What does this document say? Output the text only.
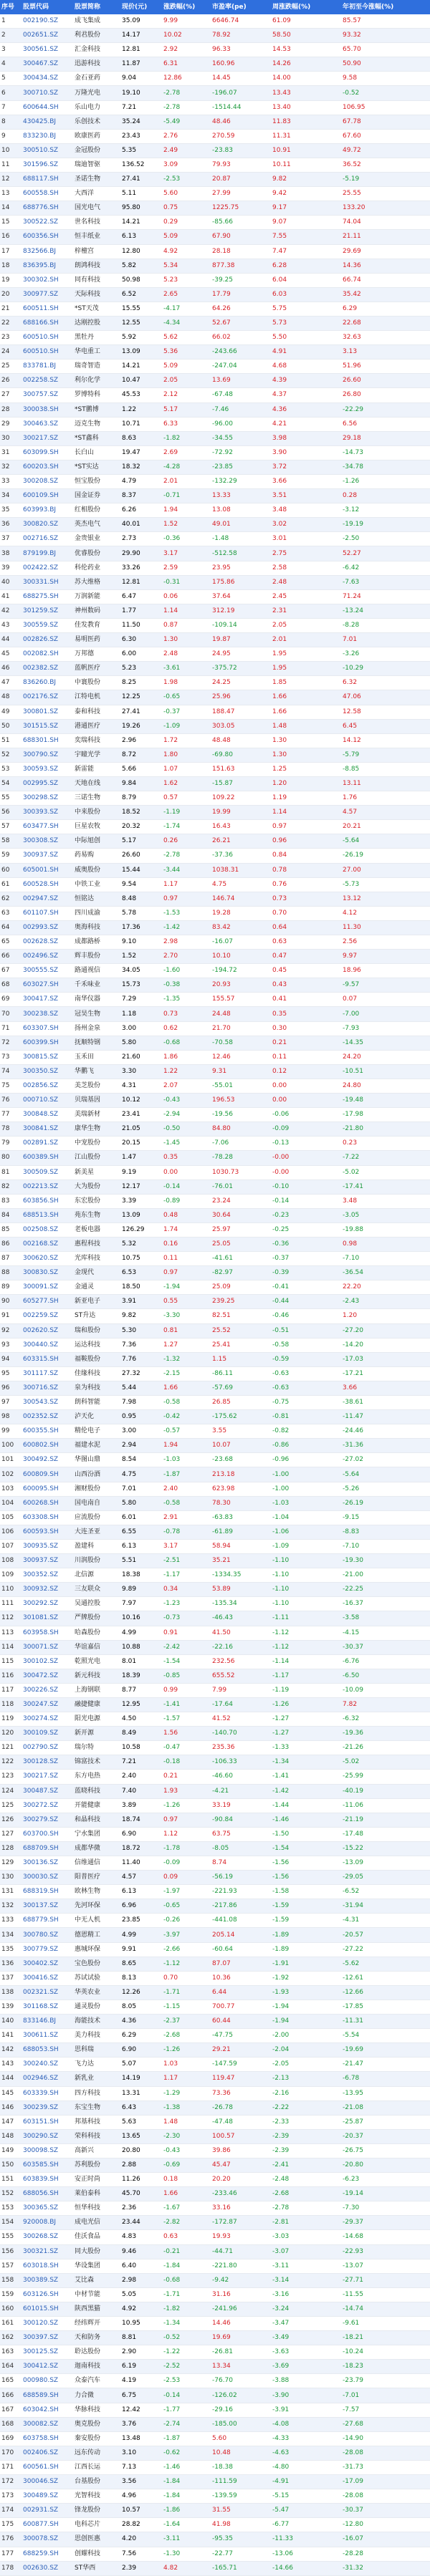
序号	股票代码	股票简称	现价(元)	涨跌幅(%)	市盈率(pe)	周涨跌幅(%)	年初至今涨幅(%)
1	002190.SZ	成飞集成	35.09	9.99	6646.74	61.09	85.57
2	002651.SZ	利君股份	14.17	10.02	78.92	58.50	93.32
3	300561.SZ	汇金科技	12.81	2.92	96.33	14.53	65.70
4	300467.SZ	迅游科技	11.87	6.31	160.96	14.26	50.90
5	300434.SZ	金石亚药	9.04	12.86	14.45	14.00	9.58
6	300710.SZ	万隆光电	19.10	-2.78	-196.07	13.43	-0.52
7	600644.SH	乐山电力	7.21	-2.78	-1514.44	13.40	106.95
8	430425.BJ	乐创技术	35.24	-5.49	48.46	11.83	67.78
9	833230.BJ	欧康医药	23.43	2.76	270.59	11.31	67.60
10	300510.SZ	金冠股份	5.35	2.49	-23.83	10.91	49.72
11	301596.SZ	瑞迪智驱	136.52	3.09	79.93	10.11	36.52
12	688117.SH	圣诺生物	27.41	-2.53	20.87	9.82	-5.19
13	600558.SH	大西洋	5.11	5.60	27.99	9.42	25.55
14	688776.SH	国光电气	95.80	0.75	1225.75	9.17	133.20
15	300522.SZ	世名科技	14.21	0.29	-85.66	9.07	74.04
16	600356.SH	恒丰纸业	6.13	5.09	67.90	7.55	21.11
17	832566.BJ	梓橦宫	12.80	4.92	28.18	7.47	29.69
18	836395.BJ	朗鸿科技	5.82	5.34	877.38	6.28	14.36
19	300302.SH	同有科技	50.98	5.23	-39.25	6.04	66.74
20	300977.SZ	天际科技	6.52	2.65	17.79	6.03	35.42
21	600511.SH	*ST天茂	15.55	-4.17	64.26	5.75	6.29
22	688166.SH	达刚控股	12.55	-4.34	52.67	5.73	22.68
23	600510.SH	黑牡丹	5.92	5.62	66.02	5.50	32.63
24	600510.SH	华电重工	13.09	5.36	-243.66	4.91	3.13
25	833781.BJ	瑞奇智造	14.21	5.09	-247.04	4.68	51.96
26	002258.SZ	利尔化学	10.47	2.05	13.69	4.39	26.60
27	300757.SZ	罗博特科	45.53	2.12	-67.48	4.37	26.80
28	300038.SH	*ST鹏博	1.22	5.17	-7.46	4.36	-22.29
29	300463.SZ	迈克生物	10.71	6.33	-96.00	4.21	6.56
30	300217.SZ	*ST鑫科	8.63	-1.82	-34.55	3.98	29.18
31	603099.SH	长白山	19.47	2.69	-72.92	3.90	-14.73
32	600203.SH	*ST实达	18.32	-4.28	-23.85	3.72	-34.78
33	300208.SZ	恒宝股份	4.79	2.01	-132.29	3.66	-1.26
34	600109.SH	国金证券	8.37	-0.71	13.33	3.51	0.28
35	603993.BJ	红相股份	6.26	1.94	13.08	3.48	-3.12
36	300820.SZ	英杰电气	40.01	1.52	49.01	3.02	-19.19
37	002716.SZ	金贵银业	2.73	-0.36	-1.48	3.01	-2.50
38	879199.BJ	优睿股份	29.90	3.17	-512.58	2.75	52.27
39	002422.SZ	科伦药业	33.26	2.59	23.95	2.58	-6.42
40	300331.SH	苏大维格	12.81	-0.31	175.86	2.48	-7.63
41	688275.SH	万润新能	6.47	0.06	37.64	2.45	71.24
42	301259.SZ	神州数码	1.77	1.14	312.19	2.31	-13.24
43	300559.SZ	佳发教育	11.50	0.87	-109.14	2.05	-8.28
44	002826.SZ	易明医药	6.30	1.30	19.87	2.01	7.01
45	002082.SH	万邦德	6.00	2.48	24.95	1.95	-3.26
46	002382.SZ	蓝帆医疗	5.23	-3.61	-375.72	1.95	-10.29
47	836260.BJ	中寰股份	8.25	1.98	24.25	1.85	6.32
48	002176.SZ	江特电机	12.25	-0.65	25.96	1.66	47.06
49	300801.SZ	泰和科技	27.41	-0.37	188.47	1.66	12.58
50	301515.SZ	港通医疗	19.26	-1.09	303.05	1.48	6.45
51	688301.SH	奕瑞科技	2.96	1.72	48.48	1.30	14.12
52	300790.SZ	宇瞳光学	8.72	1.80	-69.80	1.30	-5.79
53	300593.SZ	新雷能	5.66	1.07	151.63	1.25	-8.85
54	002995.SZ	天地在线	9.84	1.62	-15.87	1.20	13.11
55	300298.SZ	三诺生物	8.79	0.57	109.22	1.19	1.76
56	300393.SZ	中来股份	18.52	-1.19	19.99	1.14	4.57
57	603477.SH	巨星农牧	20.32	-1.74	16.43	0.97	20.21
58	300308.SZ	中际旭创	5.17	0.26	26.21	0.96	-5.64
59	300937.SZ	药易购	26.60	-2.78	-37.36	0.84	-26.19
60	605001.SH	威奥股份	15.44	-3.44	1038.31	0.78	27.00
61	600528.SH	中铁工业	9.54	1.17	4.75	0.76	-5.73
62	002947.SZ	恒铭达	8.48	0.97	146.74	0.73	13.12
63	601107.SH	四川成渝	5.78	-1.53	19.28	0.70	4.12
64	002993.SZ	奥海科技	17.36	-1.42	83.42	0.64	11.30
65	002628.SZ	成都路桥	9.10	2.98	-16.07	0.63	2.56
66	002496.SZ	辉丰股份	1.52	2.70	10.10	0.47	9.97
67	300555.SZ	路通视信	34.05	-1.60	-194.72	0.45	18.96
68	603027.SH	千禾味业	15.73	-0.38	20.93	0.43	-9.57
69	300417.SZ	南华仪器	7.29	-1.35	155.57	0.41	0.07
70	300238.SZ	冠昊生物	1.18	0.73	24.48	0.35	-7.00
71	603307.SH	扬州金泉	3.00	0.62	21.70	0.30	-7.93
72	600399.SH	抚顺特钢	5.80	-0.68	-70.58	0.21	-14.35
73	300815.SZ	玉禾田	21.60	1.86	12.46	0.11	24.20
74	300350.SZ	华鹏飞	3.30	1.22	9.31	0.12	-10.51
75	002856.SZ	美芝股份	4.31	2.07	-55.01	0.00	24.80
76	000710.SZ	贝瑞基因	10.12	-0.43	196.53	0.00	-19.48
77	300848.SZ	美瑞新材	23.41	-2.94	-19.56	-0.06	-17.98
78	300841.SZ	康华生物	21.05	-0.50	84.80	-0.09	-21.80
79	002891.SZ	中宠股份	20.15	-1.45	-7.06	-0.13	0.23
80	600389.SH	江山股份	1.47	0.35	-78.28	-0.00	-7.22
81	300509.SZ	新美星	9.19	0.00	1030.73	-0.00	-5.02
82	002213.SZ	大为股份	12.17	-0.14	-76.01	-0.10	-17.41
83	603856.SH	东宏股份	3.39	-0.89	23.24	-0.14	3.48
84	688513.SH	苑东生物	13.09	0.48	30.64	-0.23	-3.05
85	002508.SZ	老板电器	126.29	1.74	25.97	-0.25	-19.88
86	002168.SZ	惠程科技	5.32	0.16	25.05	-0.36	0.98
87	300620.SZ	光库科技	10.75	0.11	-41.61	-0.37	-7.10
88	300830.SZ	金现代	6.53	0.97	-82.97	-0.39	-36.54
89	300091.SZ	金通灵	18.50	-1.94	25.09	-0.41	22.20
90	605277.SH	新亚电子	3.91	0.55	239.25	-0.44	-2.43
91	002259.SZ	ST升达	9.82	-3.30	82.51	-0.46	1.20
92	002620.SZ	瑞和股份	5.30	0.81	25.52	-0.51	-27.20
93	300440.SZ	运达科技	7.36	1.27	25.41	-0.58	-14.20
94	603315.SH	福鞍股份	7.76	-1.32	1.15	-0.59	-17.03
95	301117.SZ	佳缘科技	27.32	-2.15	-86.11	-0.63	-17.21
96	300716.SZ	泉为科技	5.44	1.66	-57.69	-0.63	3.66
97	300543.SZ	朗科智能	7.98	-0.58	26.85	-0.75	-38.61
98	002352.SZ	泸天化	0.95	-0.42	-175.62	-0.81	-11.47
99	600355.SH	精伦电子	3.00	-0.57	3.55	-0.82	-24.46
100	600802.SH	福建水泥	2.94	1.94	10.07	-0.86	-31.36
101	300492.SZ	华图山鼎	8.54	-1.03	-23.68	-0.96	-27.02
102	600809.SH	山西汾酒	4.75	-1.87	213.18	-1.00	-5.64
103	600095.SH	湘财股份	7.01	2.40	623.98	-1.00	-5.26
104	600268.SH	国电南自	5.80	-0.58	78.30	-1.03	-26.19
105	603308.SH	应流股份	6.01	2.91	-63.83	-1.04	-9.15
106	600593.SH	大连圣亚	6.55	-0.78	-61.89	-1.06	-8.83
107	300935.SZ	盈建科	6.13	3.17	58.94	-1.09	-7.10
108	300937.SZ	川润股份	5.51	-2.51	35.21	-1.10	-19.30
109	300352.SZ	北信源	18.38	-1.17	-1334.35	-1.10	-21.00
110	300932.SZ	三友联众	9.89	0.34	53.89	-1.10	-22.25
111	300292.SZ	吴通控股	7.97	-1.23	-135.34	-1.10	-16.37
112	301081.SZ	严牌股份	10.16	-0.73	-46.43	-1.11	-3.58
113	603958.SH	哈森股份	4.99	0.91	41.50	-1.12	-4.15
114	300071.SZ	华谊嘉信	10.88	-2.42	-22.16	-1.12	-30.37
115	300102.SZ	乾照光电	8.01	-1.54	232.56	-1.14	-6.76
116	300472.SZ	新元科技	18.39	-0.85	655.52	-1.17	-6.50
117	300226.SZ	上海钢联	8.77	0.99	7.99	-1.19	-10.09
118	300247.SZ	融捷健康	12.95	-1.41	-17.64	-1.26	7.82
119	300274.SZ	阳光电源	4.50	-1.57	41.52	-1.27	-6.32
120	300109.SZ	新开源	8.49	1.56	-140.70	-1.27	-19.36
121	002790.SZ	瑞尔特	10.58	-0.47	235.36	-1.33	-21.26
122	300128.SZ	锦富技术	7.21	-0.18	-106.33	-1.34	-5.02
123	300217.SZ	东方电热	2.40	0.21	-46.60	-1.41	-25.99
124	300487.SZ	蓝晓科技	7.40	1.93	-4.21	-1.42	-40.19
125	300272.SZ	开能健康	3.89	-1.26	33.19	-1.44	-11.06
126	300279.SZ	和晶科技	18.74	0.97	-90.84	-1.46	-21.19
127	603700.SH	宁水集团	6.90	1.12	63.75	-1.50	-17.48
128	688709.SH	成都华微	18.72	-1.78	-8.05	-1.54	-15.22
129	300136.SZ	信维通信	11.40	-0.09	8.74	-1.56	-13.09
130	300030.SZ	阳普医疗	4.57	0.09	-56.19	-1.56	-29.05
131	688319.SH	欧林生物	6.13	-1.97	-221.93	-1.58	-6.52
132	300137.SZ	先河环保	6.96	-0.65	-217.86	-1.59	-31.94
133	688779.SH	中无人机	23.85	-0.26	-441.08	-1.59	-4.31
134	300780.SZ	德恩精工	4.99	-3.97	205.14	-1.89	-20.57
135	300779.SZ	惠城环保	9.91	-2.66	-60.64	-1.89	-27.22
136	300402.SZ	宝色股份	8.65	-1.12	87.07	-1.91	-5.62
137	300416.SZ	苏试试验	8.13	0.70	10.36	-1.92	-12.61
138	002321.SZ	华英农业	12.26	-1.71	6.44	-1.93	-12.66
139	301168.SZ	通灵股份	8.05	-1.15	700.77	-1.94	-17.85
140	833146.BJ	海能技术	4.36	-2.37	60.44	-1.94	-11.31
141	300611.SZ	美力科技	6.29	-2.68	-47.75	-2.00	-5.54
142	688053.SH	思科瑞	6.90	-1.26	29.21	-2.04	-19.69
143	300240.SZ	飞力达	5.07	1.03	-147.59	-2.05	-21.47
144	002946.SZ	新乳业	14.19	1.17	119.47	-2.13	-6.78
145	603339.SH	四方科技	13.31	-1.29	73.36	-2.16	-13.95
146	300239.SZ	东宝生物	6.43	-1.38	-26.78	-2.22	-21.08
147	603151.SH	邦基科技	5.63	1.48	-47.48	-2.33	-25.87
148	300290.SZ	荣科科技	13.65	-2.30	100.57	-2.39	-20.37
149	300098.SZ	高新兴	20.80	-0.43	39.86	-2.39	-26.75
150	603585.SH	苏利股份	2.88	-0.69	45.47	-2.41	-20.80
151	603839.SH	安正时尚	11.26	0.18	20.20	-2.48	-6.23
152	688056.SH	莱伯泰科	45.70	1.66	-233.46	-2.68	-19.14
153	300365.SZ	恒华科技	2.36	-1.67	33.16	-2.78	-7.30
154	920008.BJ	成电光信	23.44	-2.82	-172.87	-2.81	-29.37
155	300268.SZ	佳沃食品	4.83	0.63	19.93	-3.03	-14.68
156	300321.SZ	同大股份	9.46	-0.21	-44.71	-3.07	-22.93
157	603018.SH	华设集团	6.40	-1.84	-221.80	-3.11	-13.07
158	300389.SZ	艾比森	2.98	-0.68	-9.42	-3.14	-27.71
159	603126.SH	中材节能	5.05	-1.71	31.16	-3.16	-11.55
160	601015.SH	陕西黑猫	4.92	-1.82	-241.96	-3.24	-14.74
161	300120.SZ	经纬辉开	10.95	-1.34	14.46	-3.47	-9.61
162	300397.SZ	天和防务	8.81	-0.52	19.69	-3.49	-18.21
163	300125.SZ	聆达股份	2.90	-1.22	-26.81	-3.63	-10.24
164	300412.SZ	迦南科技	6.19	-2.52	13.34	-3.69	-18.23
165	000980.SZ	众泰汽车	4.19	-2.53	-76.70	-3.88	-23.79
166	688589.SH	力合微	6.75	-0.14	-126.02	-3.90	-7.01
167	603042.SH	华脉科技	12.42	-1.77	-29.16	-3.91	-7.57
168	300082.SZ	奥克股份	3.76	-2.74	-185.00	-4.08	-27.68
169	603758.SH	秦安股份	13.48	-1.87	5.60	-4.33	-14.90
170	002406.SZ	远东传动	3.10	-0.62	10.48	-4.63	-28.08
171	600561.SH	江西长运	7.13	-1.46	-18.38	-4.80	-31.73
172	300046.SZ	台基股份	3.56	-1.84	-111.59	-4.91	-17.09
173	300489.SZ	光智科技	4.96	-1.84	-139.59	-5.15	-28.08
174	002931.SZ	锋龙股份	10.57	-1.86	31.55	-5.47	-30.37
175	600877.SH	电科芯片	28.82	-1.64	41.98	-6.77	-12.80
176	300078.SZ	思创医惠	4.20	-3.11	-95.35	-11.33	-16.07
177	688259.SH	创耀科技	7.56	-1.30	-22.77	-13.06	-28.28
178	002630.SZ	ST华西	2.39	4.82	-165.71	-14.66	-31.32
